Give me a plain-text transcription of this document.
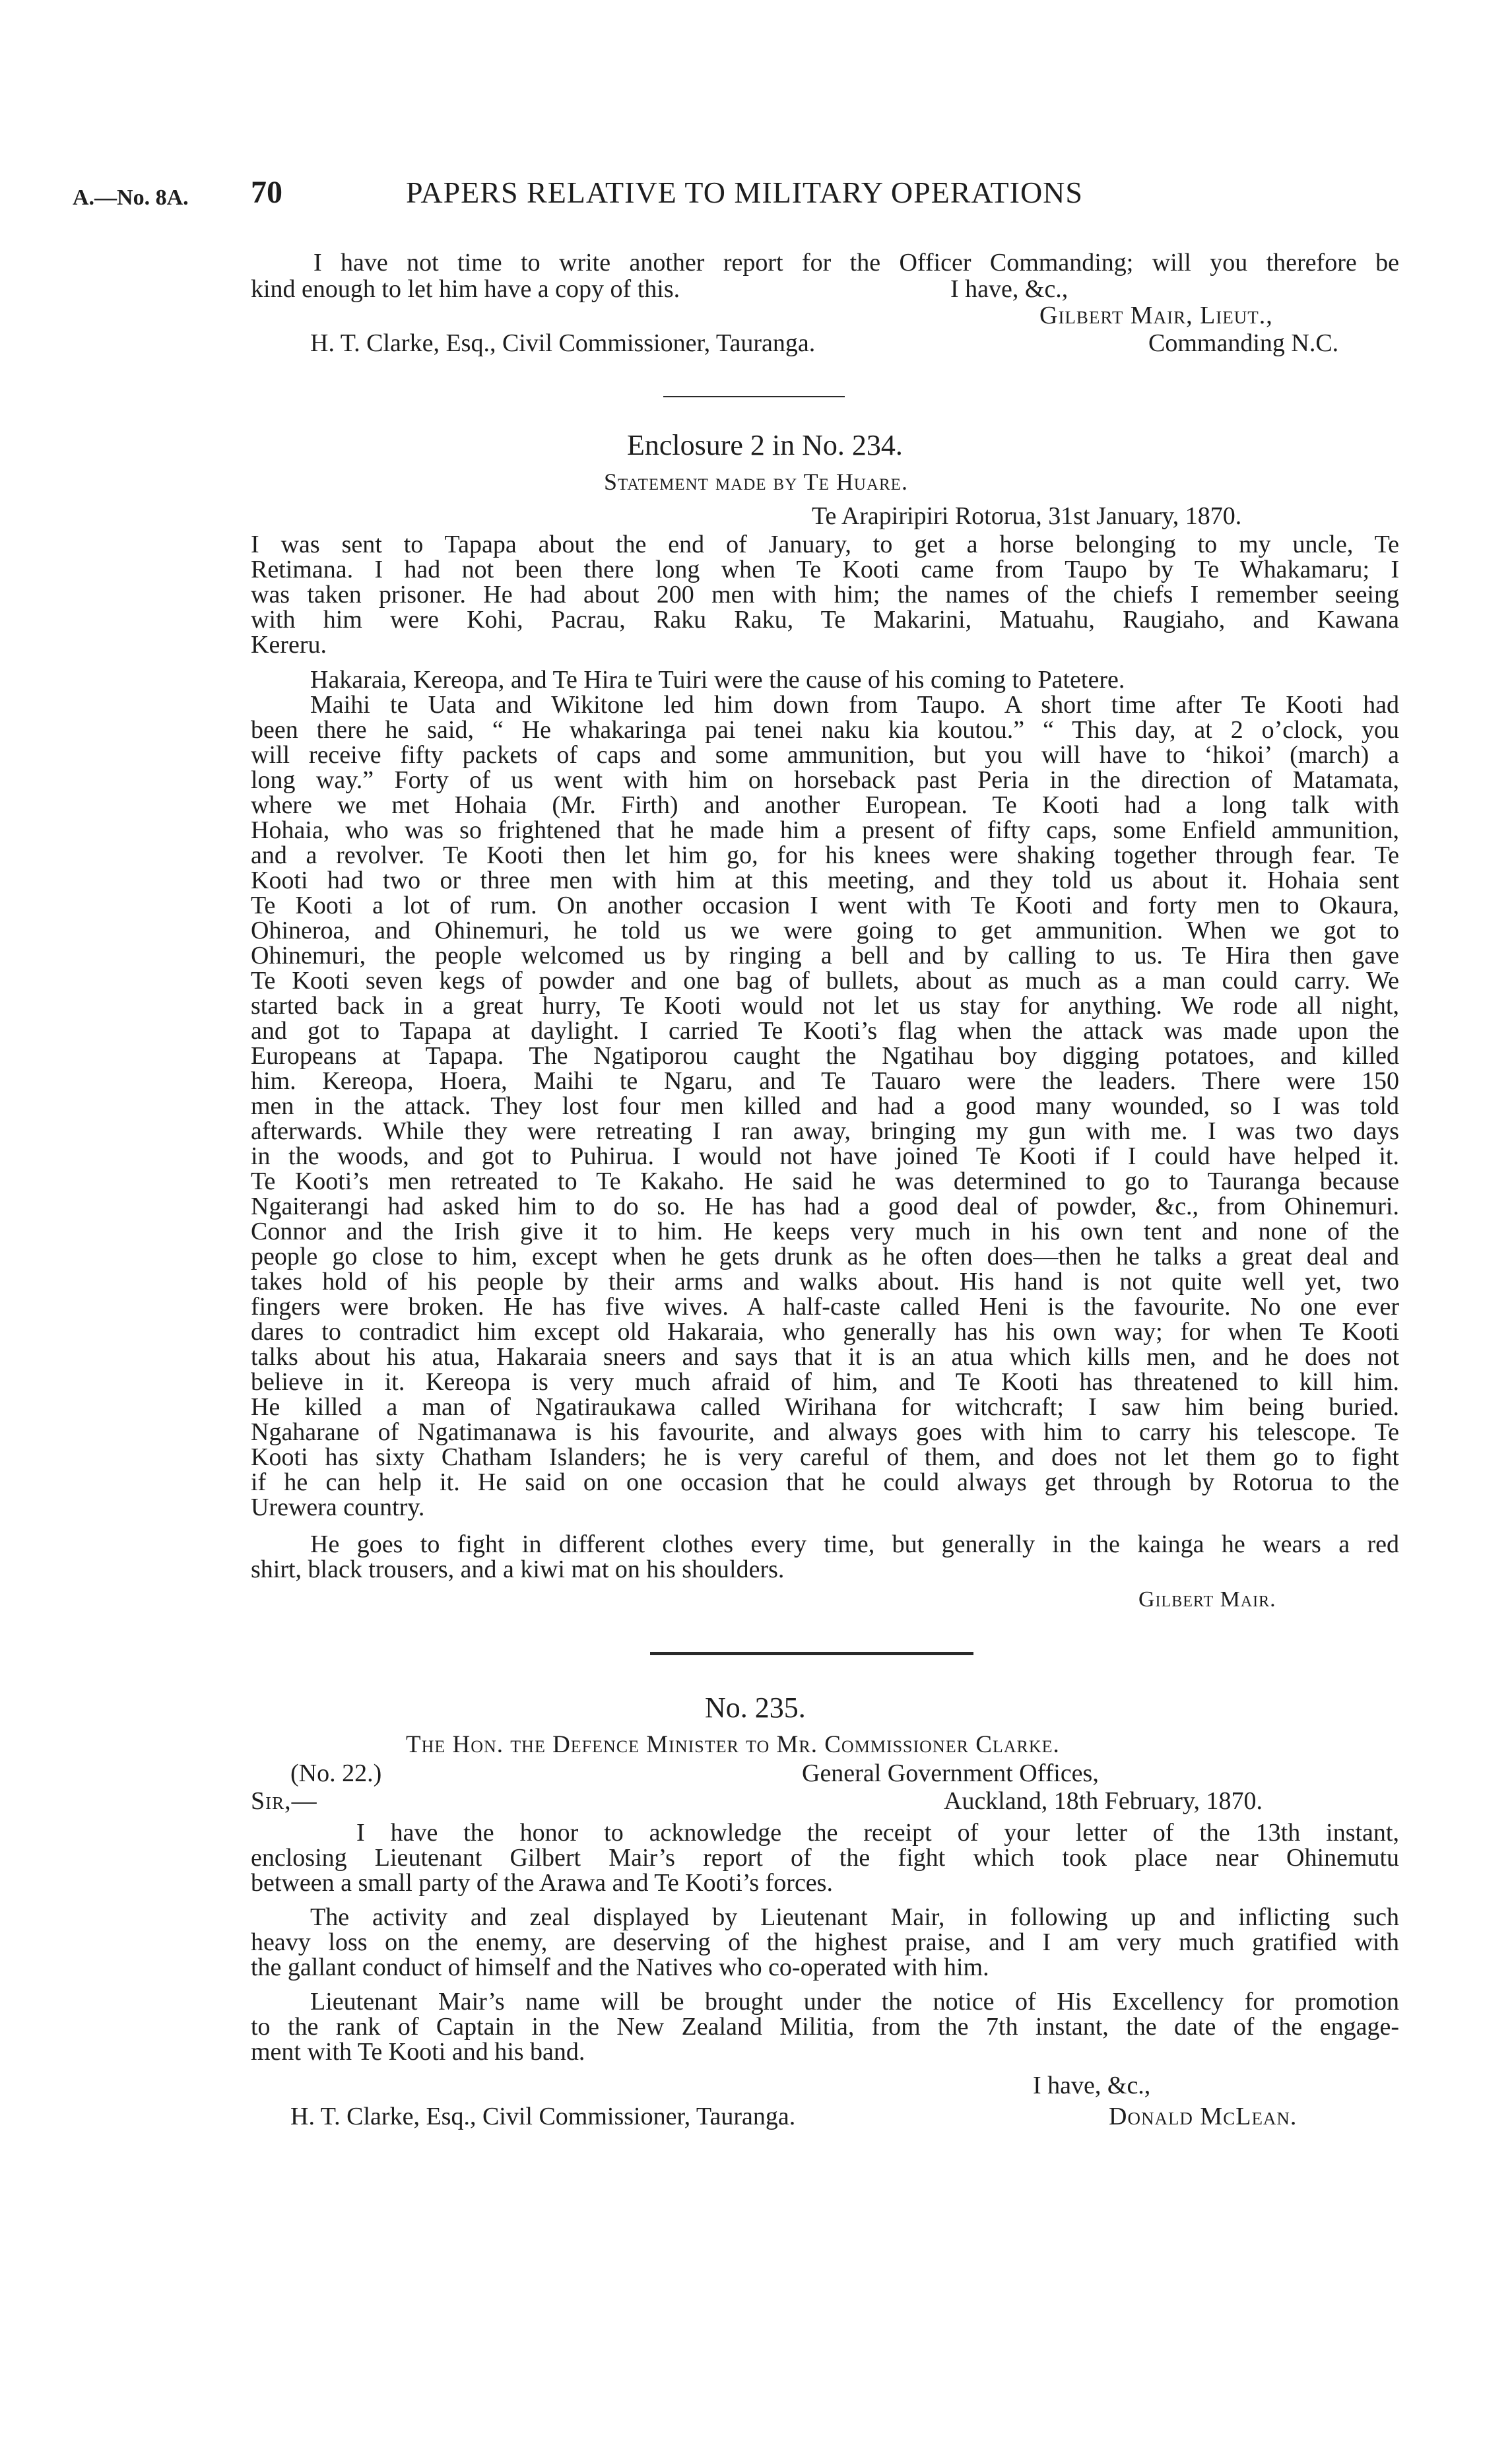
A.—No. 8A. 70	PAPERS RELATIVE TO MILITARY OPERATIONS
I have not time to write another report for the Officer Commanding; will you therefore be
kind enough to let him have a copy of this.	I have, &c.,
Gilbert Mair, Lieut.,
H. T. Clarke, Esq., Civil Commissioner, Tauranga.	Commanding N.C.
Enclosure 2 in No. 234.
Statement made by Te Huare.
Te Arapiripiri Rotorua, 31st January, 1870.
I was sent to Tapapa about the end of January, to get a horse belonging to my uncle, Te
Retimana. I had not been there long when Te Kooti came from Taupo by Te Whakamaru; I
was taken prisoner. He had about 200 men with him; the names of the chiefs I remember seeing
with him were Kohi, Pacrau, Raku Raku, Te Makarini, Matuahu, Raugiaho, and Kawana
Kereru.
Hakaraia, Kereopa, and Te Hira te Tuiri were the cause of his coming to Patetere.
Maihi te Uata and Wikitone led him down from Taupo. A short time after Te Kooti had
been there he said, “ He whakaringa pai tenei naku kia koutou.” “ This day, at 2 o’clock, you
will receive fifty packets of caps and some ammunition, but you will have to ‘hikoi’ (march) a
long way.” Forty of us went with him on horseback past Peria in the direction of Matamata,
where we met Hohaia (Mr. Firth) and another European. Te Kooti had a long talk with
Hohaia, who was so frightened that he made him a present of fifty caps, some Enfield ammunition,
and a revolver. Te Kooti then let him go, for his knees were shaking together through fear. Te
Kooti had two or three men with him at this meeting, and they told us about it. Hohaia sent
Te Kooti a lot of rum. On another occasion I went with Te Kooti and forty men to Okaura,
Ohineroa, and Ohinemuri, he told us we were going to get ammunition. When we got to
Ohinemuri, the people welcomed us by ringing a bell and by calling to us. Te Hira then gave
Te Kooti seven kegs of powder and one bag of bullets, about as much as a man could carry. We
started back in a great hurry, Te Kooti would not let us stay for anything. We rode all night,
and got to Tapapa at daylight. I carried Te Kooti’s flag when the attack was made upon the
Europeans at Tapapa. The Ngatiporou caught the Ngatihau boy digging potatoes, and killed
him. Kereopa, Hoera, Maihi te Ngaru, and Te Tauaro were the leaders. There were 150
men in the attack. They lost four men killed and had a good many wounded, so I was told
afterwards. While they were retreating I ran away, bringing my gun with me. I was two days
in the woods, and got to Puhirua. I would not have joined Te Kooti if I could have helped it.
Te Kooti’s men retreated to Te Kakaho. He said he was determined to go to Tauranga because
Ngaiterangi had asked him to do so. He has had a good deal of powder, &c., from Ohinemuri.
Connor and the Irish give it to him. He keeps very much in his own tent and none of the
people go close to him, except when he gets drunk as he often does—then he talks a great deal and
takes hold of his people by their arms and walks about. His hand is not quite well yet, two
fingers were broken. He has five wives. A half-caste called Heni is the favourite. No one ever
dares to contradict him except old Hakaraia, who generally has his own way; for when Te Kooti
talks about his atua, Hakaraia sneers and says that it is an atua which kills men, and he does not
believe in it. Kereopa is very much afraid of him, and Te Kooti has threatened to kill him.
He killed a man of Ngatiraukawa called Wirihana for witchcraft; I saw him being buried.
Ngaharane of Ngatimanawa is his favourite, and always goes with him to carry his telescope. Te
Kooti has sixty Chatham Islanders; he is very careful of them, and does not let them go to fight
if he can help it. He said on one occasion that he could always get through by Rotorua to the
Urewera country.
He goes to fight in different clothes every time, but generally in the kainga he wears a red
shirt, black trousers, and a kiwi mat on his shoulders.
Gilbert Mair.
No. 235.
The Hon. the Defence Minister to Mr. Commissioner Clarke.
(No. 22.)	General Government Offices,
Sir,—	Auckland, 18th February, 1870.
I have the honor to acknowledge the receipt of your letter of the 13th instant,
enclosing Lieutenant Gilbert Mair’s report of the fight which took place near Ohinemutu
between a small party of the Arawa and Te Kooti’s forces.
The activity and zeal displayed by Lieutenant Mair, in following up and inflicting such
heavy loss on the enemy, are deserving of the highest praise, and I am very much gratified with
the gallant conduct of himself and the Natives who co-operated with him.
Lieutenant Mair’s name will be brought under the notice of His Excellency for promotion
to the rank of Captain in the New Zealand Militia, from the 7th instant, the date of the engage-
ment with Te Kooti and his band.
I have, &c.,
H. T. Clarke, Esq., Civil Commissioner, Tauranga.	Donald McLean.
